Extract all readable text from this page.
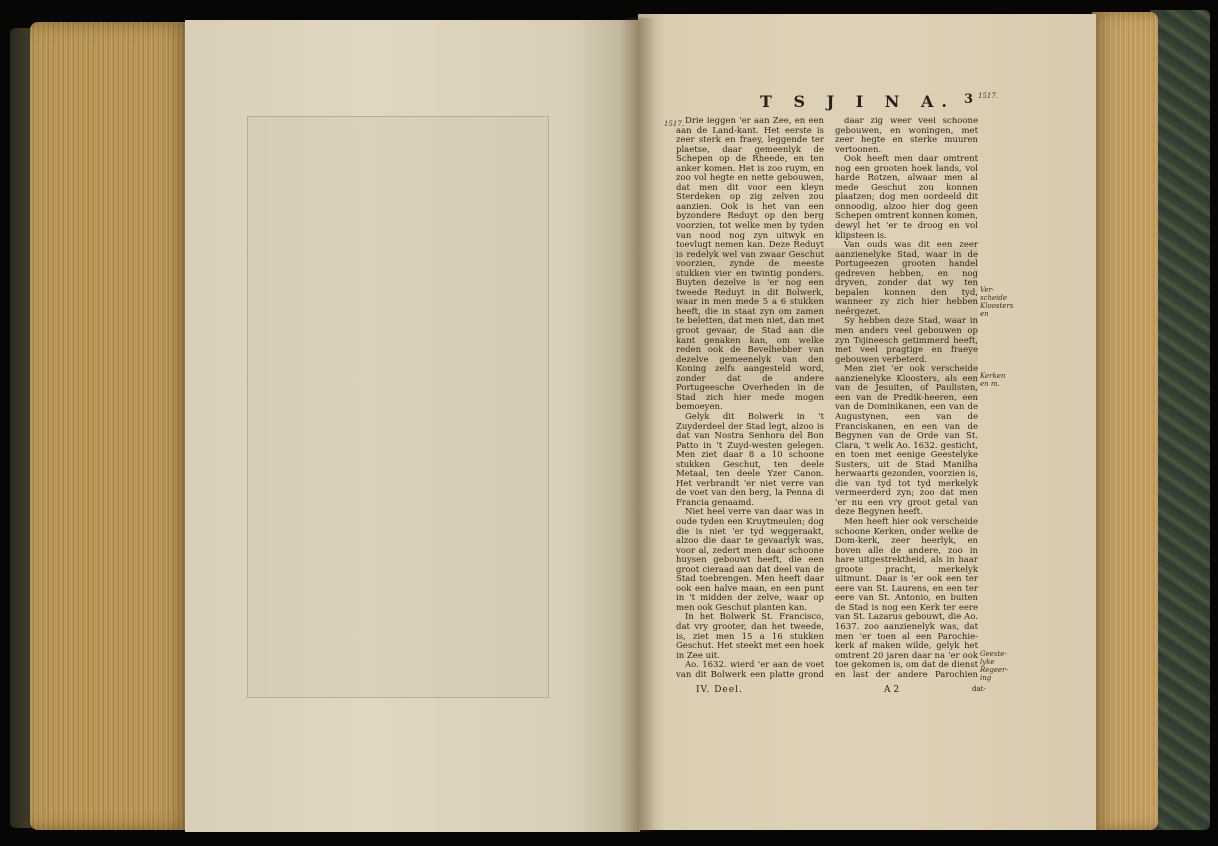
T S J I N A. 3
1517.
1517.
Ver-
scheide
Kloosters
en
Kerken
en m.
Geeste-
lyke
Regeer-
ing

Drie leggen 'er aan Zee, en een aan de Land-kant. Het eerste is zeer sterk en fraey, leggende ter plaetse, daar gemeenlyk de Schepen op de Rheede, en ten anker komen. Het is zoo ruym, en zoo vol hegte en nette gebouwen, dat men dit voor een kleyn Sterdeken op zig zelven zou aanzien. Ook is het van een byzondere Reduyt op den berg voorzien, tot welke men by tyden van nood nog zyn uitwyk en toevlugt nemen kan. Deze Reduyt is redelyk wel van zwaar Geschut voorzien, zynde de meeste stukken vier en twintig ponders. Buyten dezelve is 'er nog een tweede Reduyt in dit Bolwerk, waar in men mede 5 a 6 stukken heeft, die in staat zyn om zamen te beletten, dat men niet, dan met groot gevaar, de Stad aan die kant genaken kan, om welke reden ook de Bevelhebber van dezelve gemeenelyk van den Koning zelfs aangesteld word, zonder dat de andere Portugeesche Overheden in de Stad zich hier mede mogen bemoeyen.

Gelyk dit Bolwerk in 't Zuyderdeel der Stad legt, alzoo is dat van Nostra Senhora del Bon Patto in 't Zuyd-westen gelegen. Men ziet daar 8 a 10 schoone stukken Geschut, ten deele Metaal, ten deele Yzer Canon. Het verbrandt 'er niet verre van de voet van den berg, la Penna di Francia genaamd.

Niet heel verre van daar was in oude tyden een Kruytmeulen; dog die is niet 'er tyd weggeraakt, alzoo die daar te gevaarlyk was, voor al, zedert men daar schoone huysen gebouwt heeft, die een groot cieraad aan dat deel van de Stad toebrengen. Men heeft daar ook een halve maan, en een punt in 't midden der zelve, waar op men ook Geschut planten kan.

In het Bolwerk St. Francisco, dat vry grooter, dan het tweede, is, ziet men 15 a 16 stukken Geschut. Het steekt met een hoek in Zee uit.

Ao. 1632. wierd 'er aan de voet van dit Bolwerk een platte grond

daar zig weer veel schoone gebouwen, en woningen, met zeer hegte en sterke muuren vertoonen.

Ook heeft men daar omtrent nog een grooten hoek lands, vol harde Rotzen, alwaar men al mede Geschut zou konnen plaatzen; dog men oordeeld dit onnoodig, alzoo hier dog geen Schepen omtrent konnen komen, dewyl het 'er te droog en vol klipsteen is.

Van ouds was dit een zeer aanzienelyke Stad, waar in de Portugeezen grooten handel gedreven hebben, en nog dryven, zonder dat wy ten bepalen konnen den tyd, wanneer zy zich hier hebben neêrgezet.

Sy hebben deze Stad, waar in men anders veel gebouwen op zyn Tsjineesch getimmerd heeft, met veel pragtige en fraeye gebouwen verbeterd.

Men ziet 'er ook verscheide aanzienelyke Kloosters, als een van de Jesuiten, of Paulisten, een van de Predik-heeren, een van de Dominikanen, een van de Augustynen, een van de Franciskanen, en een van de Begynen van de Orde van St. Clara, 't welk Ao. 1632. gesticht, en toen met eenige Geestelyke Susters, uit de Stad Manilha herwaarts gezonden, voorzien is, die van tyd tot tyd merkelyk vermeerderd zyn; zoo dat men 'er nu een vry groot getal van deze Begynen heeft.

Men heeft hier ook verscheide schoone Kerken, onder welke de Dom-kerk, zeer heerlyk, en boven alle de andere, zoo in hare uitgestrektheid, als in haar groote pracht, merkelyk uitmunt. Daar is 'er ook een ter eere van St. Laurens, en een ter eere van St. Antonio, en buiten de Stad is nog een Kerk ter eere van St. Lazarus gebouwt, die Ao. 1637. zoo aanzienelyk was, dat men 'er toen al een Parochie-kerk af maken wilde, gelyk het omtrent 20 jaren daar na 'er ook toe gekomen is, om dat de dienst en last der andere Parochien

IV. Deel.	A 2	dat-
